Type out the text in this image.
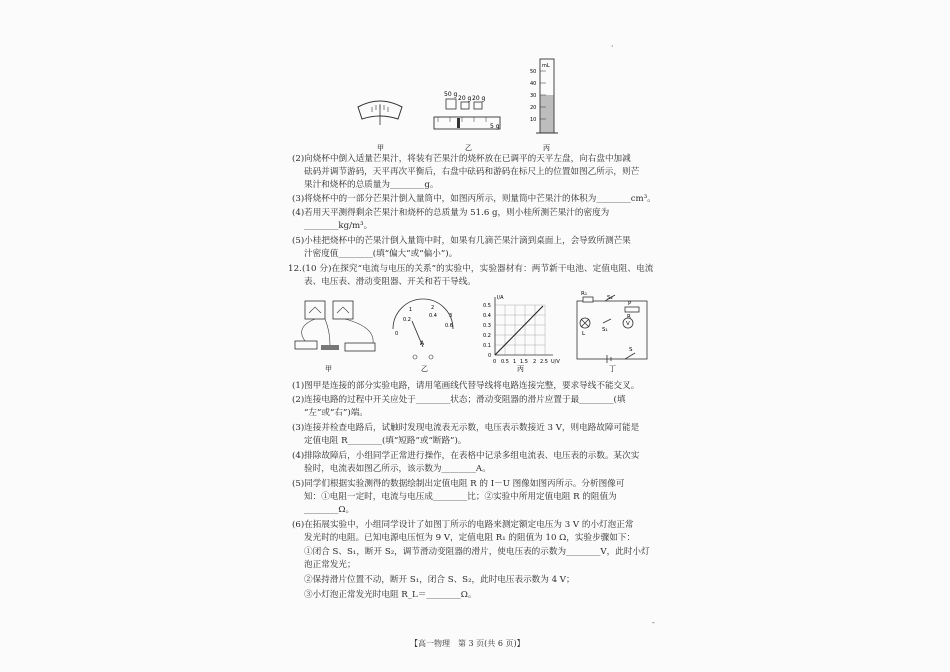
50 g
20 g 20 g
5 g
mL
50
40
30
20
10
甲	乙	丙
·
(2)向烧杯中倒入适量芒果汁，将装有芒果汁的烧杯放在已调平的天平左盘，向右盘中加减
砝码并调节游码，天平再次平衡后，右盘中砝码和游码在标尺上的位置如图乙所示，则芒
果汁和烧杯的总质量为________g。
(3)将烧杯中的一部分芒果汁倒入量筒中，如图丙所示，则量筒中芒果汁的体积为________cm³。
(4)若用天平测得剩余芒果汁和烧杯的总质量为 51.6 g，则小桂所测芒果汁的密度为
________kg/m³。
(5)小桂把烧杯中的芒果汁倒入量筒中时，如果有几滴芒果汁滴到桌面上，会导致所测芒果
汁密度值________(填“偏大”或“偏小”)。
12.(10 分)在探究“电流与电压的关系”的实验中，实验器材有：两节新干电池、定值电阻、电流
表、电压表、滑动变阻器、开关和若干导线。
甲
0
0.2
0.4
0.6
1	2
3
A
乙
I/A
0.5
0.4
0.3
0.2
0.1
0
0 0.5 1 1.5 2 2.5 U/V
丙
R₁
S₂
P
R
V
S₁
L
S
丁
(1)图甲是连接的部分实验电路，请用笔画线代替导线将电路连接完整，要求导线不能交叉。
(2)连接电路的过程中开关应处于________状态；滑动变阻器的滑片应置于最________(填
“左”或“右”)端。
(3)连接并检查电路后，试触时发现电流表无示数，电压表示数接近 3 V，则电路故障可能是
定值电阻 R________(填“短路”或“断路”)。
(4)排除故障后，小组同学正常进行操作，在表格中记录多组电流表、电压表的示数。某次实
验时，电流表如图乙所示，该示数为________A。
(5)同学们根据实验测得的数据绘制出定值电阻 R 的 I－U 图像如图丙所示。分析图像可
知：①电阻一定时，电流与电压成________比；②实验中所用定值电阻 R 的阻值为
________Ω。
(6)在拓展实验中，小组同学设计了如图丁所示的电路来测定额定电压为 3 V 的小灯泡正常
发光时的电阻。已知电源电压恒为 9 V，定值电阻 R₁ 的阻值为 10 Ω，实验步骤如下：
①闭合 S、S₁，断开 S₂，调节滑动变阻器的滑片，使电压表的示数为________V，此时小灯
泡正常发光；
②保持滑片位置不动，断开 S₁，闭合 S、S₂，此时电压表示数为 4 V；
③小灯泡正常发光时电阻 R_L＝________Ω。
【高一物理　第 3 页(共 6 页)】
-
